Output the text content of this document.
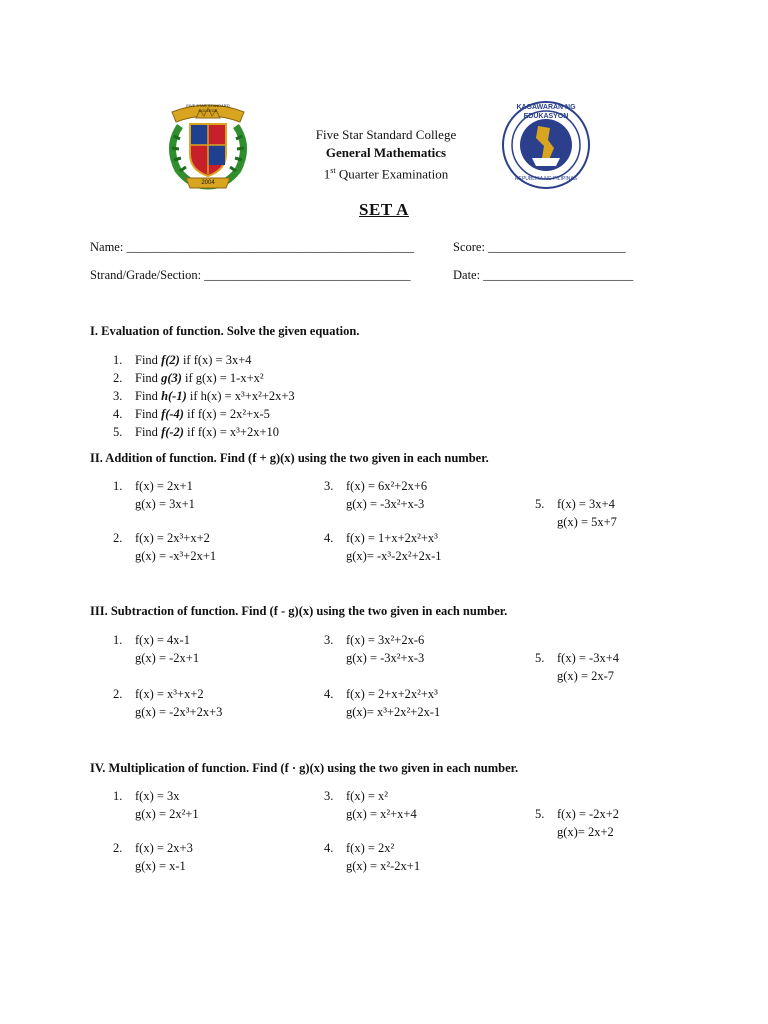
FIVE STAR STANDARD COLLEGE
2004
Five Star Standard College
General Mathematics
1st Quarter Examination
KAGAWARAN NG EDUKASYON
REPUBLIKA NG PILIPINAS
SET A
Name: ______________________________________________	Score: ______________________
Strand/Grade/Section: _________________________________	Date: ________________________
I. Evaluation of function. Solve the given equation.
1. Find f(2) if f(x) = 3x+4
2. Find g(3) if g(x) = 1-x+x²
3. Find h(-1) if h(x) = x³+x²+2x+3
4. Find f(-4) if f(x) = 2x²+x-5
5. Find f(-2) if f(x) = x³+2x+10
II. Addition of function. Find (f + g)(x) using the two given in each number.
1. f(x) = 2x+1
g(x) = 3x+1
2. f(x) = 2x³+x+2
g(x) = -x³+2x+1
3. f(x) = 6x²+2x+6
g(x) = -3x²+x-3
4. f(x) = 1+x+2x²+x³
g(x)= -x³-2x²+2x-1
5. f(x) = 3x+4
g(x) = 5x+7
III. Subtraction of function. Find (f - g)(x) using the two given in each number.
1. f(x) = 4x-1
g(x) = -2x+1
2. f(x) = x³+x+2
g(x) = -2x³+2x+3
3. f(x) = 3x²+2x-6
g(x) = -3x²+x-3
4. f(x) = 2+x+2x²+x³
g(x)= x³+2x²+2x-1
5. f(x) = -3x+4
g(x) = 2x-7
IV. Multiplication of function. Find (f · g)(x) using the two given in each number.
1. f(x) = 3x
g(x) = 2x²+1
2. f(x) = 2x+3
g(x) = x-1
3. f(x) = x²
g(x) = x²+x+4
4. f(x) = 2x²
g(x) = x²-2x+1
5. f(x) = -2x+2
g(x)= 2x+2
